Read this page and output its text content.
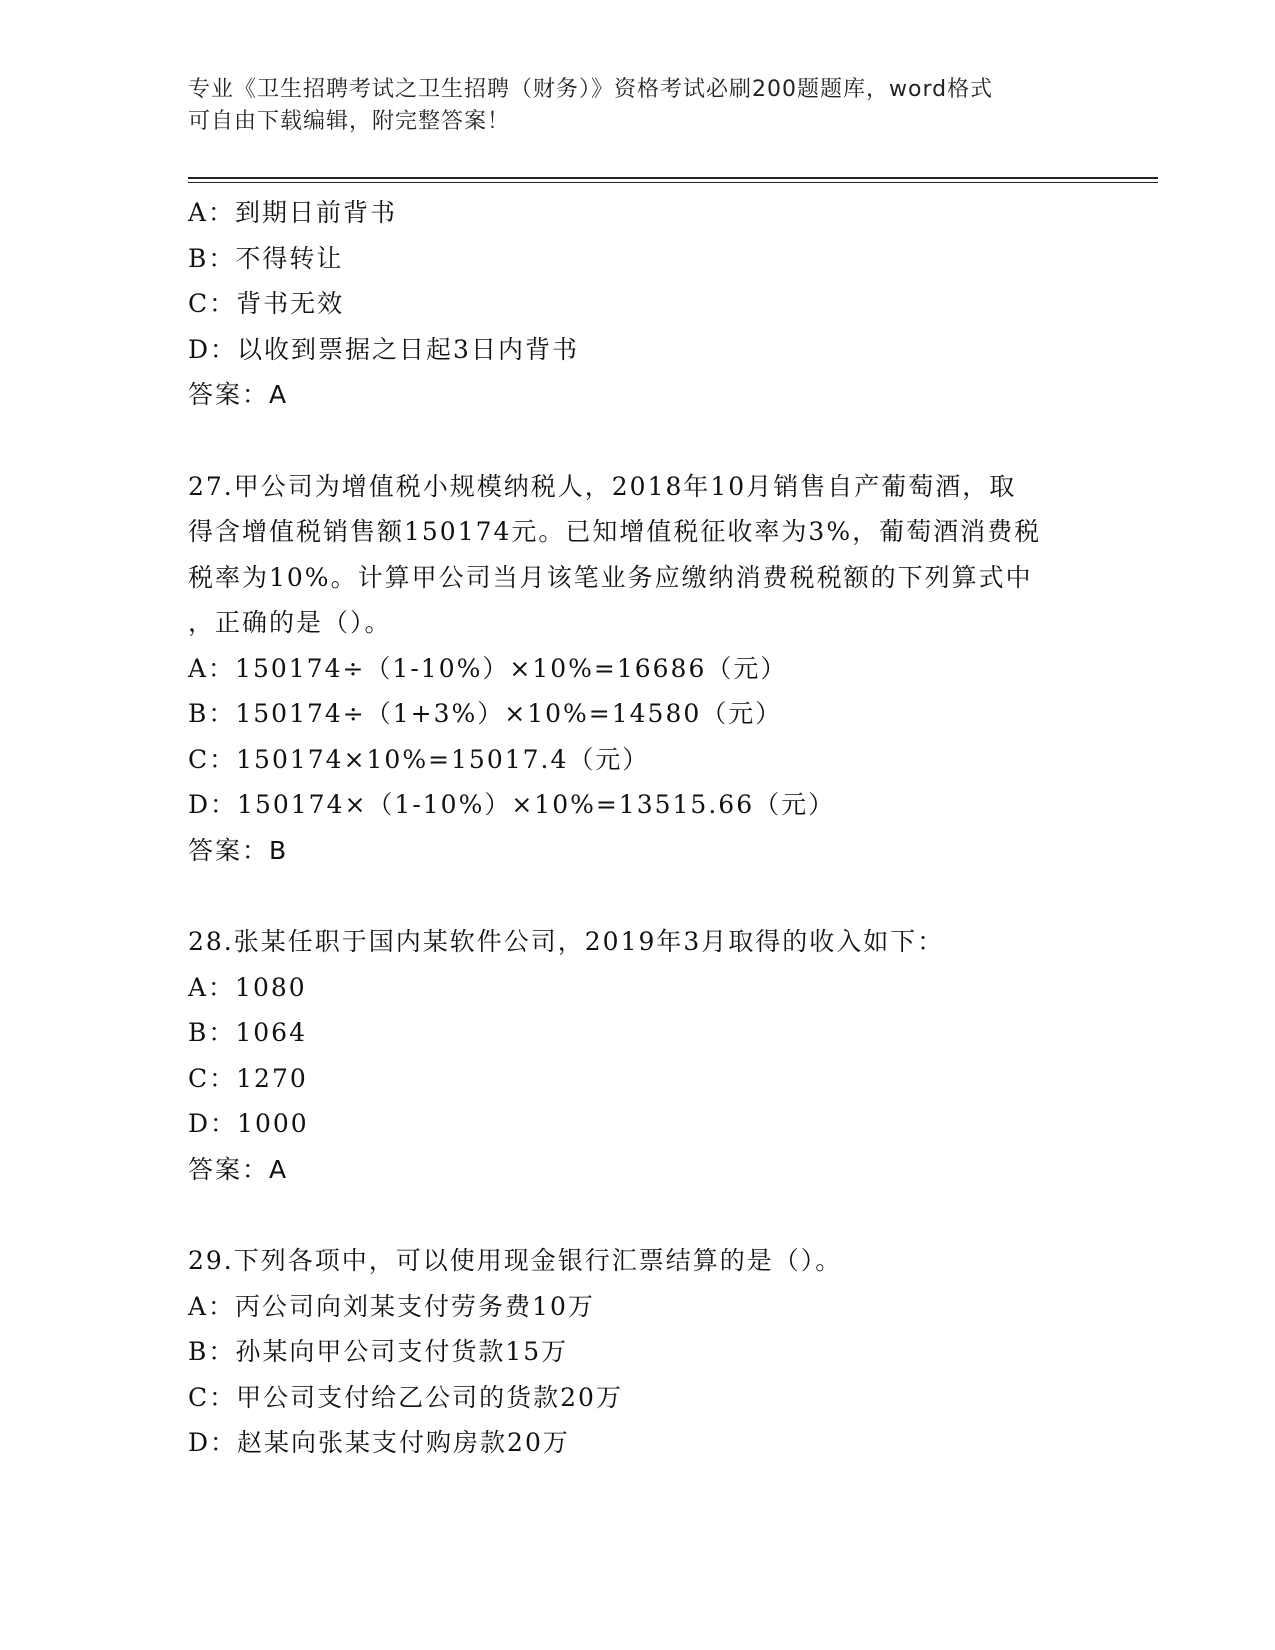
专业《卫生招聘考试之卫生招聘（财务）》资格考试必刷200题题库，word格式
可自由下载编辑，附完整答案！
A：到期日前背书
B：不得转让
C：背书无效
D：以收到票据之日起3日内背书
答案：A
27.甲公司为增值税小规模纳税人，2018年10月销售自产葡萄酒，取
得含增值税销售额150174元。已知增值税征收率为3%，葡萄酒消费税
税率为10%。计算甲公司当月该笔业务应缴纳消费税税额的下列算式中
，正确的是（）。
A：150174÷（1-10%）×10%=16686（元）
B：150174÷（1+3%）×10%=14580（元）
C：150174×10%=15017.4（元）
D：150174×（1-10%）×10%=13515.66（元）
答案：B
28.张某任职于国内某软件公司，2019年3月取得的收入如下：
A：1080
B：1064
C：1270
D：1000
答案：A
29.下列各项中，可以使用现金银行汇票结算的是（）。
A：丙公司向刘某支付劳务费10万
B：孙某向甲公司支付货款15万
C：甲公司支付给乙公司的货款20万
D：赵某向张某支付购房款20万
